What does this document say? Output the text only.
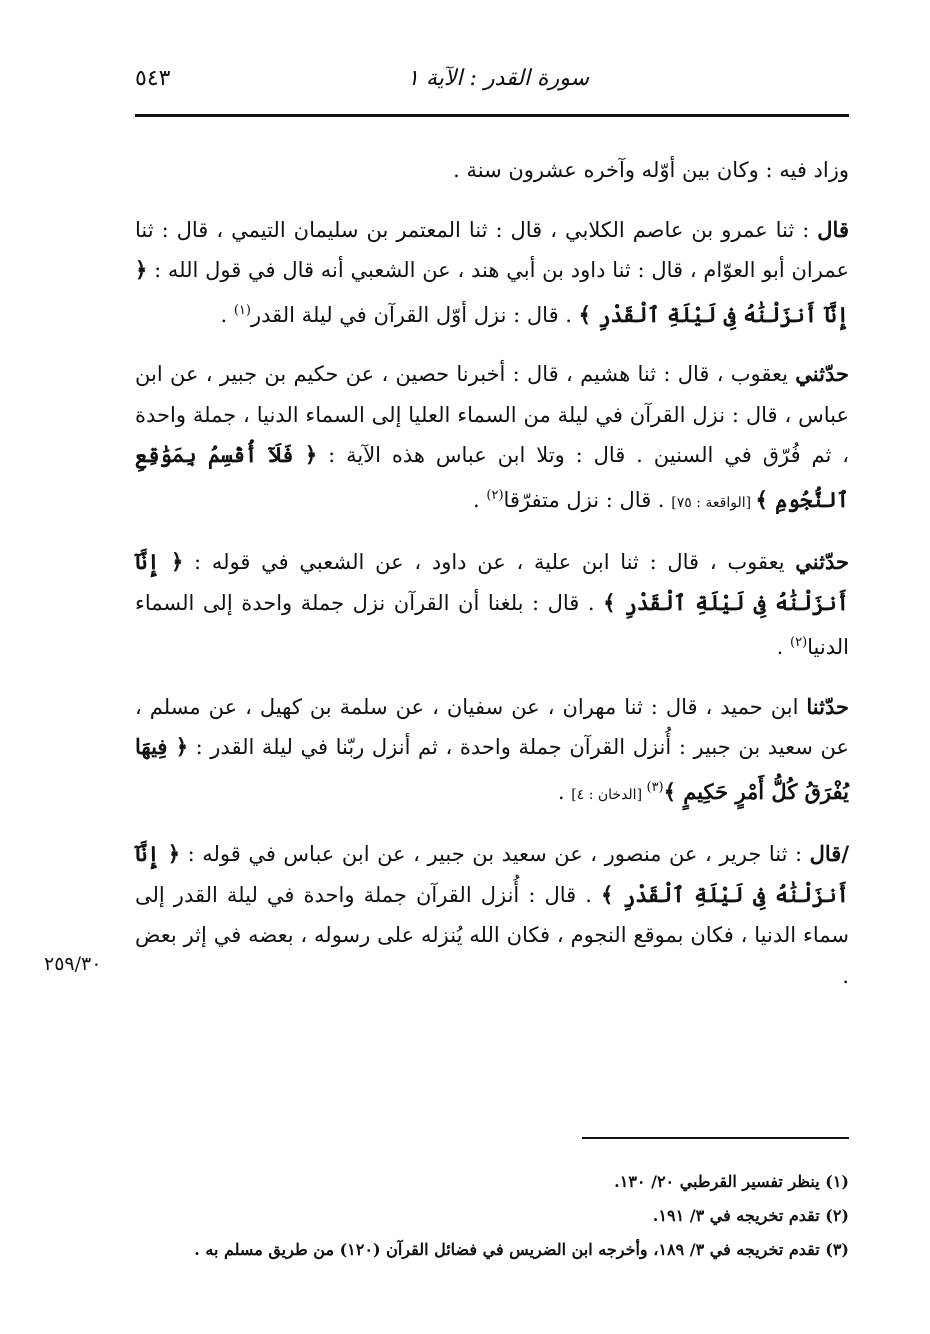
سورة القدر : الآية ١
٥٤٣
٢٥٩/٣٠

وزاد فيه : وكان بين أوّله وآخره عشرون سنة .

قال : ثنا عمرو بن عاصم الكلابي ، قال : ثنا المعتمر بن سليمان التيمي ، قال : ثنا عمران أبو العوّام ، قال : ثنا داود بن أبي هند ، عن الشعبي أنه قال في قول الله : ﴿ إِنَّآ أَنزَلْنَٰهُ فِى لَيْلَةِ ٱلْقَدْرِ ﴾ . قال : نزل أوّل القرآن في ليلة القدر$^{(١)}$ .

حدّثني يعقوب ، قال : ثنا هشيم ، قال : أخبرنا حصين ، عن حكيم بن جبير ، عن ابن عباس ، قال : نزل القرآن في ليلة من السماء العليا إلى السماء الدنيا ، جملة واحدة ، ثم فُرّق في السنين . قال : وتلا ابن عباس هذه الآية : ﴿ فَلَآ أُقْسِمُ بِمَوَٰقِعِ ٱلنُّجُومِ ﴾ [الواقعة : ٧٥] . قال : نزل متفرّقا$^{(٢)}$ .

حدّثني يعقوب ، قال : ثنا ابن علية ، عن داود ، عن الشعبي في قوله : ﴿ إِنَّآ أَنزَلْنَٰهُ فِى لَيْلَةِ ٱلْقَدْرِ ﴾ . قال : بلغنا أن القرآن نزل جملة واحدة إلى السماء الدنيا$^{(٢)}$ .

حدّثنا ابن حميد ، قال : ثنا مهران ، عن سفيان ، عن سلمة بن كهيل ، عن مسلم ، عن سعيد بن جبير : أُنزل القرآن جملة واحدة ، ثم أنزل ربّنا في ليلة القدر : ﴿ فِيهَا يُفْرَقُ كُلُّ أَمْرٍ حَكِيمٍ ﴾$^{(٣)}$ [الدخان : ٤] .

/قال : ثنا جرير ، عن منصور ، عن سعيد بن جبير ، عن ابن عباس في قوله : ﴿ إِنَّآ أَنزَلْنَٰهُ فِى لَيْلَةِ ٱلْقَدْرِ ﴾ . قال : أُنزل القرآن جملة واحدة في ليلة القدر إلى سماء الدنيا ، فكان بموقع النجوم ، فكان الله يُنزله على رسوله ، بعضه في إثر بعض .

(١) ينظر تفسير القرطبي ٢٠/ ١٣٠.

(٢) تقدم تخريجه في ٣/ ١٩١.

(٣) تقدم تخريجه في ٣/ ١٨٩، وأخرجه ابن الضريس في فضائل القرآن (١٢٠) من طريق مسلم به .
